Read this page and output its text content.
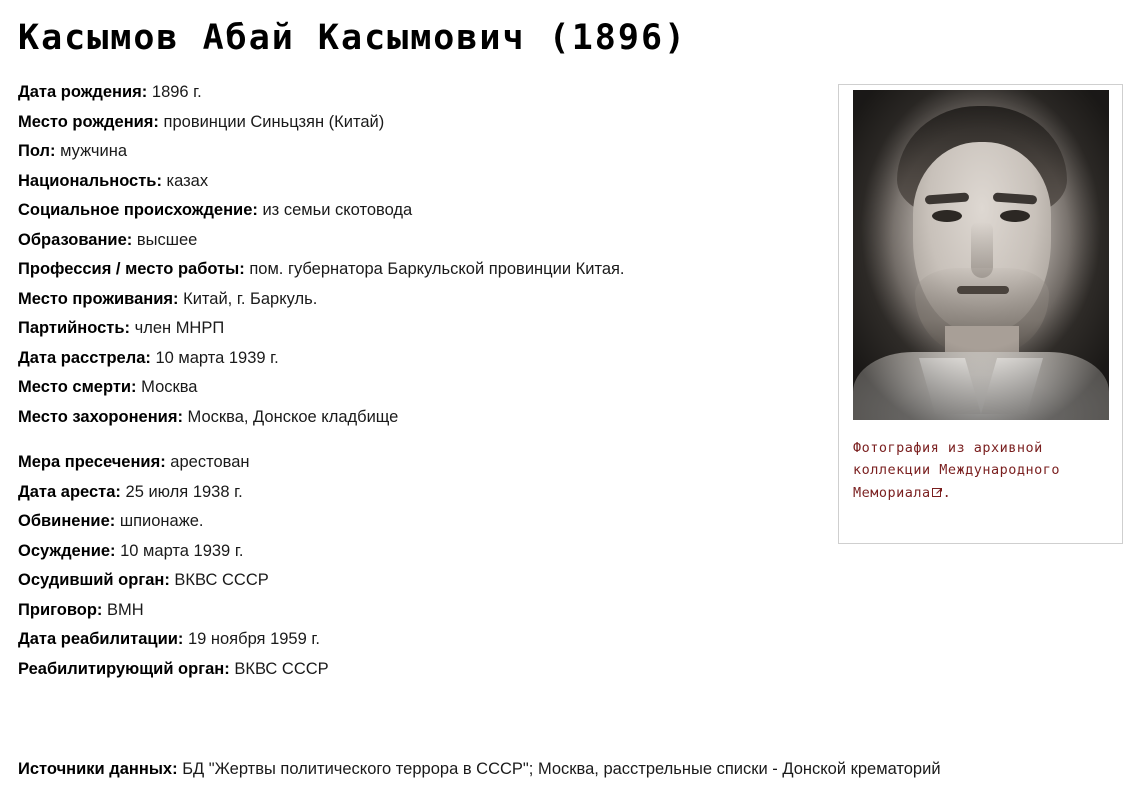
Касымов Абай Касымович (1896)
Дата рождения: 1896 г.
Место рождения: провинции Синьцзян (Китай)
Пол: мужчина
Национальность: казах
Социальное происхождение: из семьи скотовода
Образование: высшее
Профессия / место работы: пом. губернатора Баркульской провинции Китая.
Место проживания: Китай, г. Баркуль.
Партийность: член МНРП
Дата расстрела: 10 марта 1939 г.
Место смерти: Москва
Место захоронения: Москва, Донское кладбище
Мера пресечения: арестован
Дата ареста: 25 июля 1938 г.
Обвинение: шпионаже.
Осуждение: 10 марта 1939 г.
Осудивший орган: ВКВС СССР
Приговор: ВМН
Дата реабилитации: 19 ноября 1959 г.
Реабилитирующий орган: ВКВС СССР
Источники данных: БД "Жертвы политического террора в СССР"; Москва, расстрельные списки - Донской крематорий
Фотография из архивной
коллекции Международного
Мемориала .
